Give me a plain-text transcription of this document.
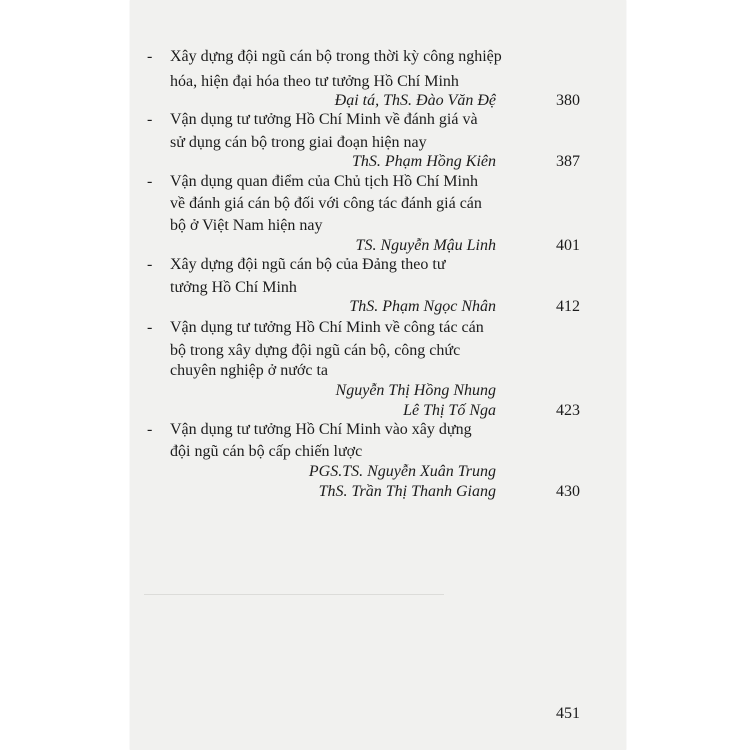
- Xây dựng đội ngũ cán bộ trong thời kỳ công nghiệp
hóa, hiện đại hóa theo tư tưởng Hồ Chí Minh
Đại tá, ThS. Đào Văn Đệ	380
- Vận dụng tư tưởng Hồ Chí Minh về đánh giá và
sử dụng cán bộ trong giai đoạn hiện nay
ThS. Phạm Hồng Kiên	387
- Vận dụng quan điểm của Chủ tịch Hồ Chí Minh
về đánh giá cán bộ đối với công tác đánh giá cán
bộ ở Việt Nam hiện nay
TS. Nguyễn Mậu Linh	401
- Xây dựng đội ngũ cán bộ của Đảng theo tư
tưởng Hồ Chí Minh
ThS. Phạm Ngọc Nhân	412
- Vận dụng tư tưởng Hồ Chí Minh về công tác cán
bộ trong xây dựng đội ngũ cán bộ, công chức
chuyên nghiệp ở nước ta
Nguyễn Thị Hồng Nhung
Lê Thị Tố Nga	423
- Vận dụng tư tưởng Hồ Chí Minh vào xây dựng
đội ngũ cán bộ cấp chiến lược
PGS.TS. Nguyễn Xuân Trung
ThS. Trần Thị Thanh Giang	430
451
